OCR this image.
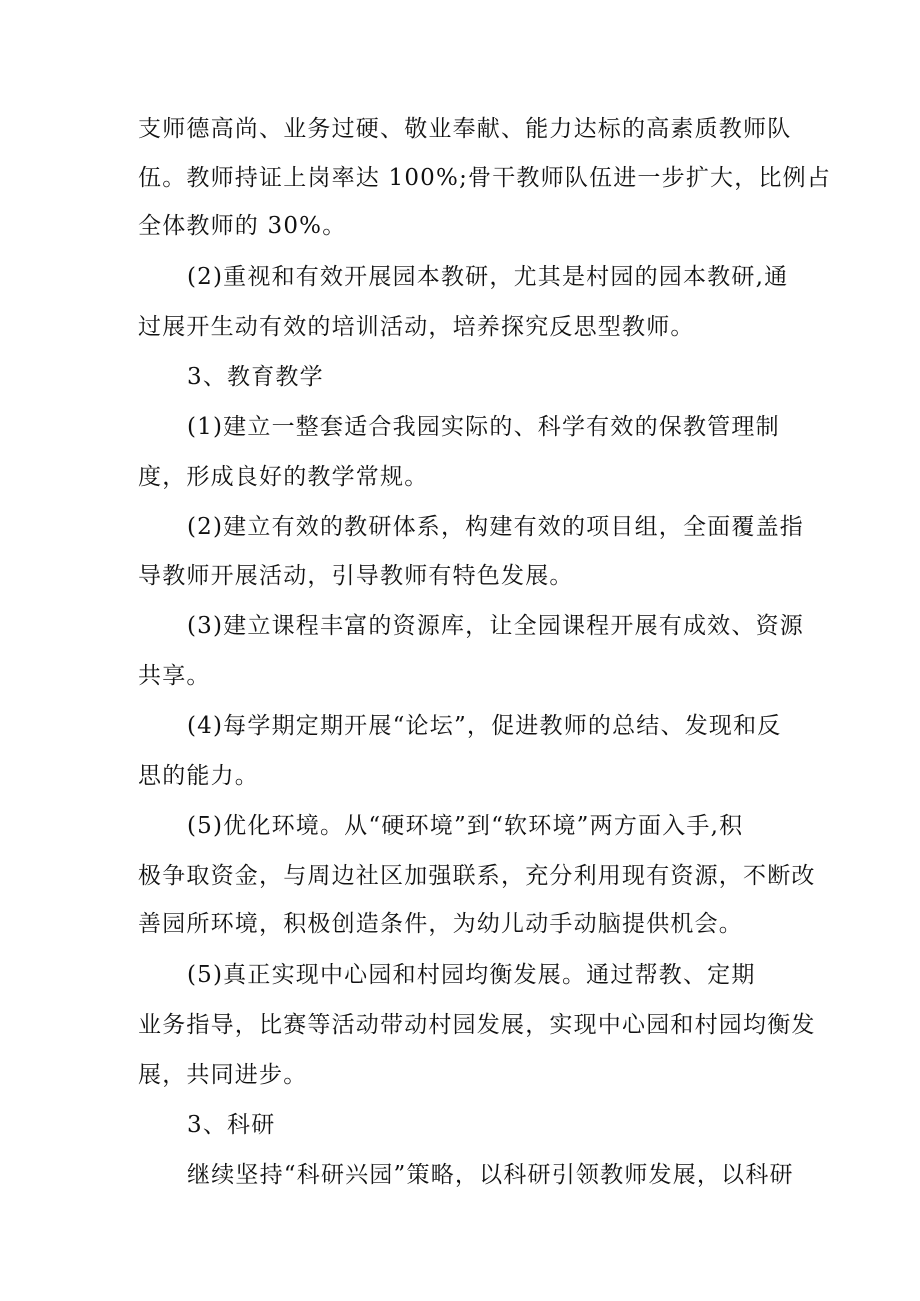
支师德高尚、业务过硬、敬业奉献、能力达标的高素质教师队
伍。教师持证上岗率达 100%;骨干教师队伍进一步扩大，比例占
全体教师的 30%。
(2)重视和有效开展园本教研，尤其是村园的园本教研,通
过展开生动有效的培训活动，培养探究反思型教师。
3、教育教学
(1)建立一整套适合我园实际的、科学有效的保教管理制
度，形成良好的教学常规。
(2)建立有效的教研体系，构建有效的项目组，全面覆盖指
导教师开展活动，引导教师有特色发展。
(3)建立课程丰富的资源库，让全园课程开展有成效、资源
共享。
(4)每学期定期开展“论坛”，促进教师的总结、发现和反
思的能力。
(5)优化环境。从“硬环境”到“软环境”两方面入手,积
极争取资金，与周边社区加强联系，充分利用现有资源，不断改
善园所环境，积极创造条件，为幼儿动手动脑提供机会。
(5)真正实现中心园和村园均衡发展。通过帮教、定期
业务指导，比赛等活动带动村园发展，实现中心园和村园均衡发
展，共同进步。
3、科研
继续坚持“科研兴园”策略，以科研引领教师发展，以科研
